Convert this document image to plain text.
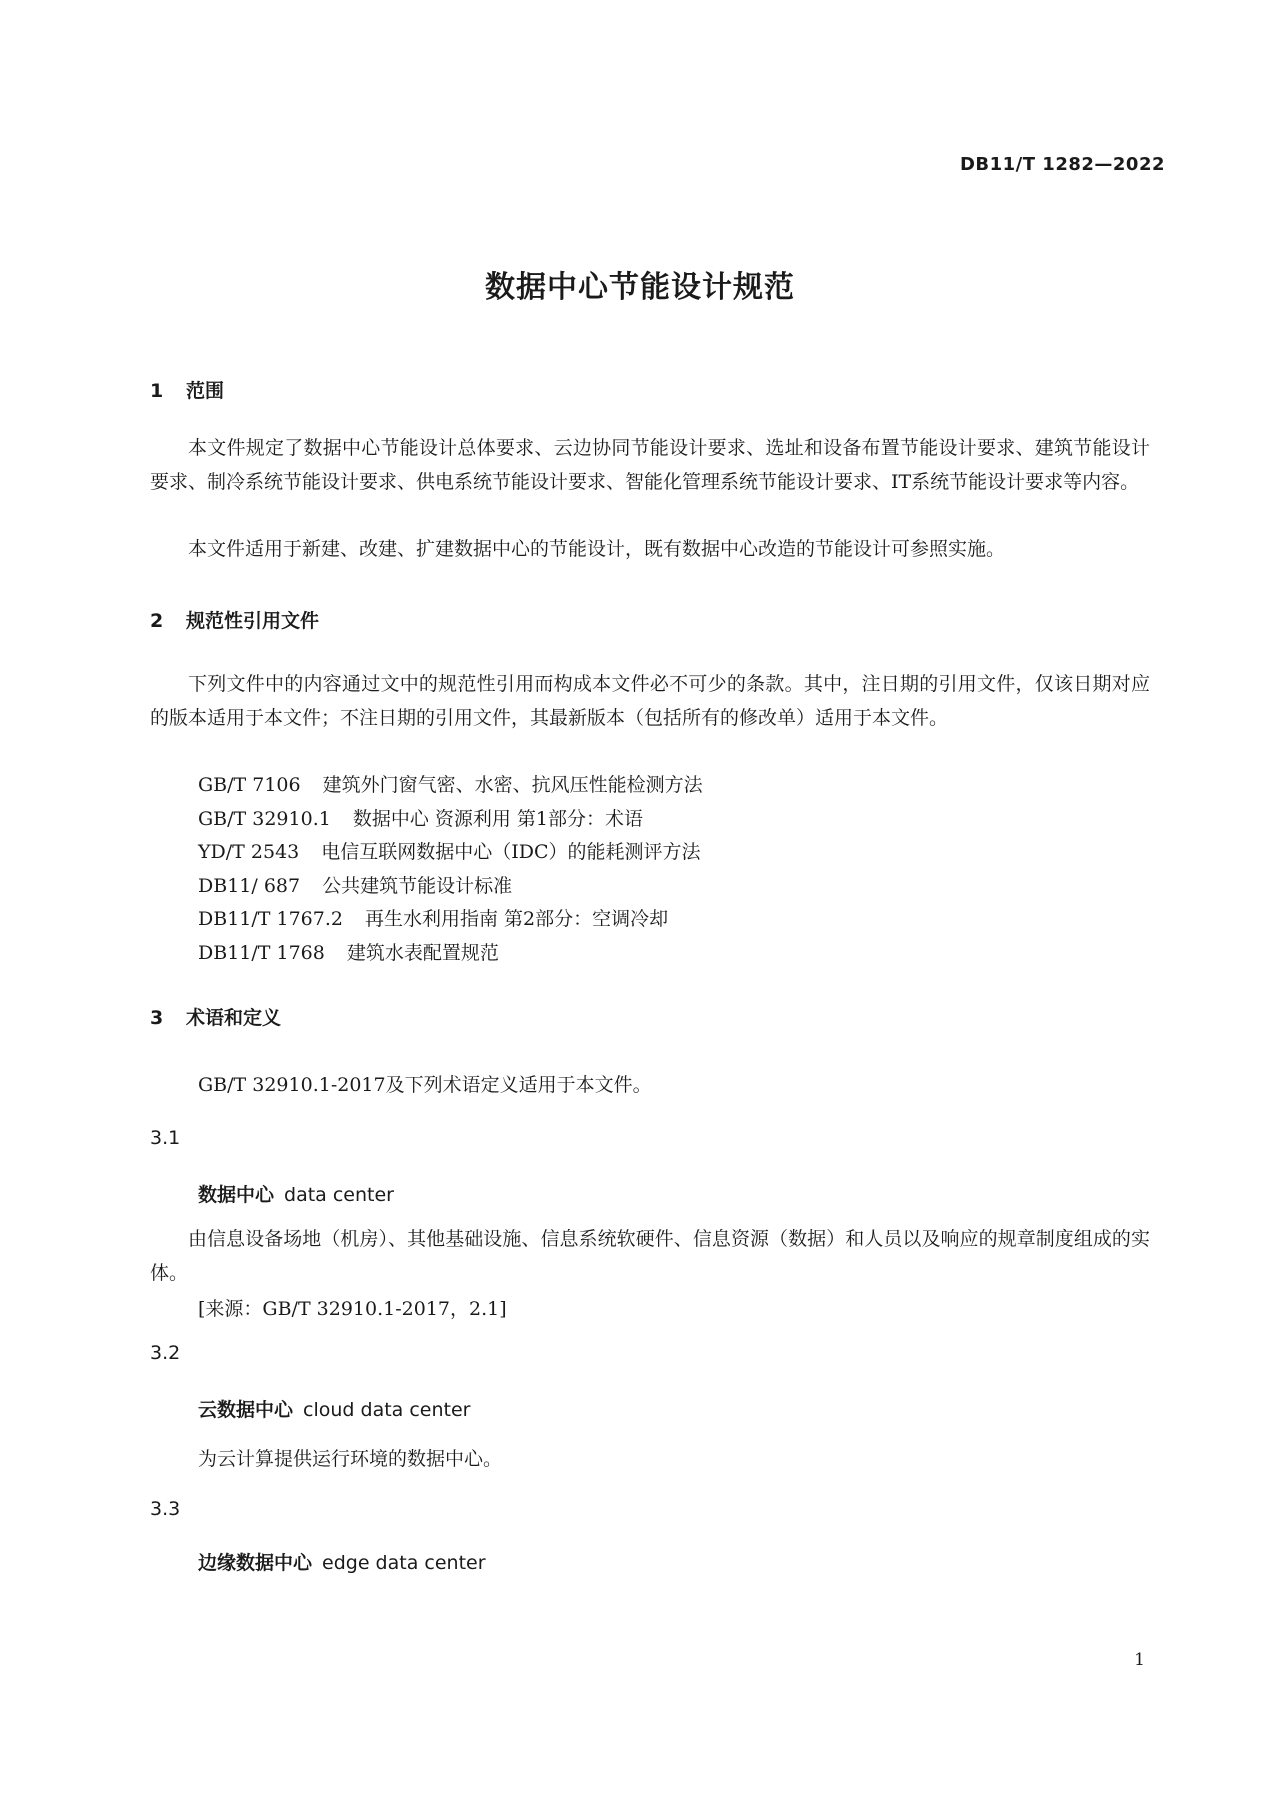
DB11/T 1282—2022
数据中心节能设计规范
1 范围
本文件规定了数据中心节能设计总体要求、云边协同节能设计要求、选址和设备布置节能设计要求、建筑节能设计要求、制冷系统节能设计要求、供电系统节能设计要求、智能化管理系统节能设计要求、IT系统节能设计要求等内容。
本文件适用于新建、改建、扩建数据中心的节能设计，既有数据中心改造的节能设计可参照实施。
2 规范性引用文件
下列文件中的内容通过文中的规范性引用而构成本文件必不可少的条款。其中，注日期的引用文件，仅该日期对应的版本适用于本文件；不注日期的引用文件，其最新版本（包括所有的修改单）适用于本文件。
GB/T 7106 建筑外门窗气密、水密、抗风压性能检测方法
GB/T 32910.1 数据中心 资源利用 第1部分：术语
YD/T 2543 电信互联网数据中心（IDC）的能耗测评方法
DB11/ 687 公共建筑节能设计标准
DB11/T 1767.2 再生水利用指南 第2部分：空调冷却
DB11/T 1768 建筑水表配置规范
3 术语和定义
GB/T 32910.1-2017及下列术语定义适用于本文件。
3.1
数据中心 data center
由信息设备场地（机房）、其他基础设施、信息系统软硬件、信息资源（数据）和人员以及响应的规章制度组成的实体。
[来源：GB/T 32910.1-2017，2.1]
3.2
云数据中心 cloud data center
为云计算提供运行环境的数据中心。
3.3
边缘数据中心 edge data center
1
